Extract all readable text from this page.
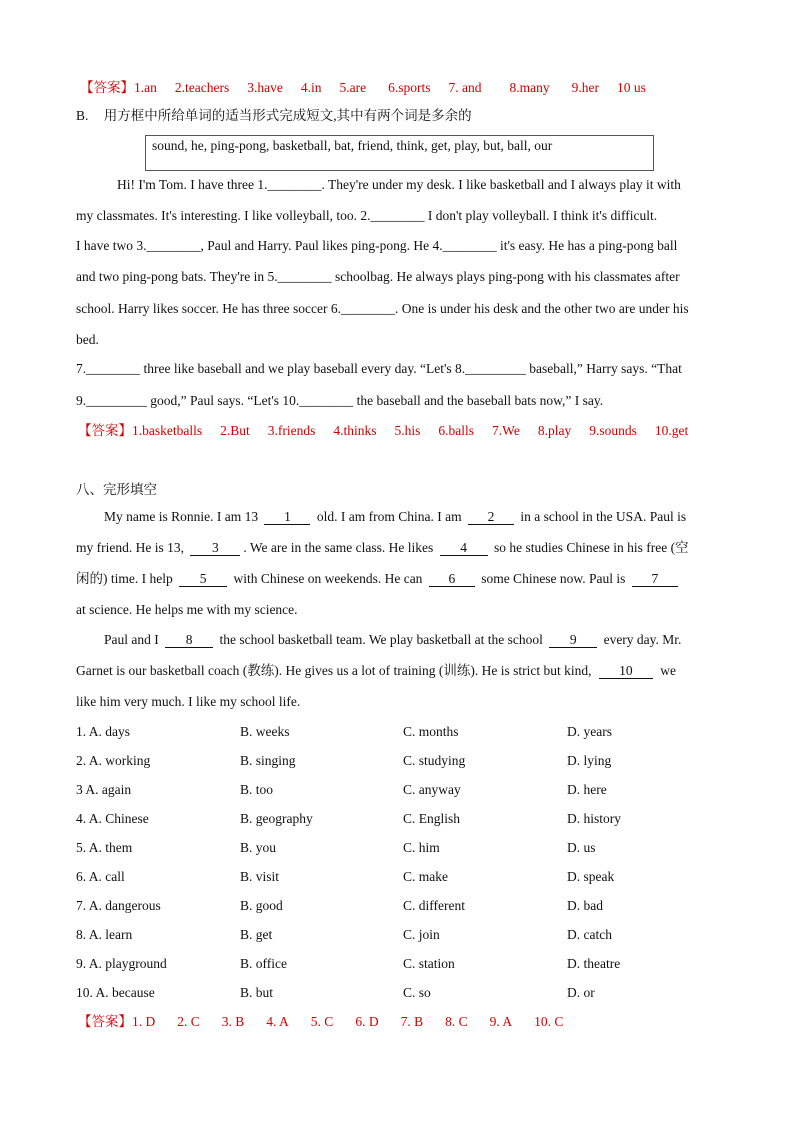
【答案】1.an 2.teachers 3.have 4.in 5.are 6.sports 7. and 8.many 9.her 10 us
B. 用方框中所给单词的适当形式完成短文,其中有两个词是多余的
sound, he, ping-pong, basketball, bat, friend, think, get, play, but, ball, our
Hi! I'm Tom. I have three 1.________. They're under my desk. I like basketball and I always play it with
my classmates. It's interesting. I like volleyball, too. 2.________ I don't play volleyball. I think it's difficult.
I have two 3.________, Paul and Harry. Paul likes ping-pong. He 4.________ it's easy. He has a ping-pong ball
and two ping-pong bats. They're in 5.________ schoolbag. He always plays ping-pong with his classmates after
school. Harry likes soccer. He has three soccer 6.________. One is under his desk and the other two are under his
bed.
7.________ three like baseball and we play baseball every day. “Let's 8._________ baseball,” Harry says. “That
9._________ good,” Paul says. “Let's 10.________ the baseball and the baseball bats now,” I say.
【答案】1.basketballs 2.But 3.friends 4.thinks 5.his 6.balls 7.We 8.play 9.sounds 10.get
八、完形填空
My name is Ronnie. I am 13 1 old. I am from China. I am 2 in a school in the USA. Paul is
my friend. He is 13, 3 . We are in the same class. He likes 4 so he studies Chinese in his free (空
闲的) time. I help 5 with Chinese on weekends. He can 6 some Chinese now. Paul is 7
at science. He helps me with my science.
Paul and I 8 the school basketball team. We play basketball at the school 9 every day. Mr.
Garnet is our basketball coach (教练). He gives us a lot of training (训练). He is strict but kind, 10 we
like him very much. I like my school life.
1. A. days	B. weeks	C. months	D. years
2. A. working	B. singing	C. studying	D. lying
3 A. again	B. too	C. anyway	D. here
4. A. Chinese	B. geography	C. English	D. history
5. A. them	B. you	C. him	D. us
6. A. call	B. visit	C. make	D. speak
7. A. dangerous	B. good	C. different	D. bad
8. A. learn	B. get	C. join	D. catch
9. A. playground	B. office	C. station	D. theatre
10. A. because	B. but	C. so	D. or
【答案】1. D 2. C 3. B 4. A 5. C 6. D 7. B 8. C 9. A 10. C
